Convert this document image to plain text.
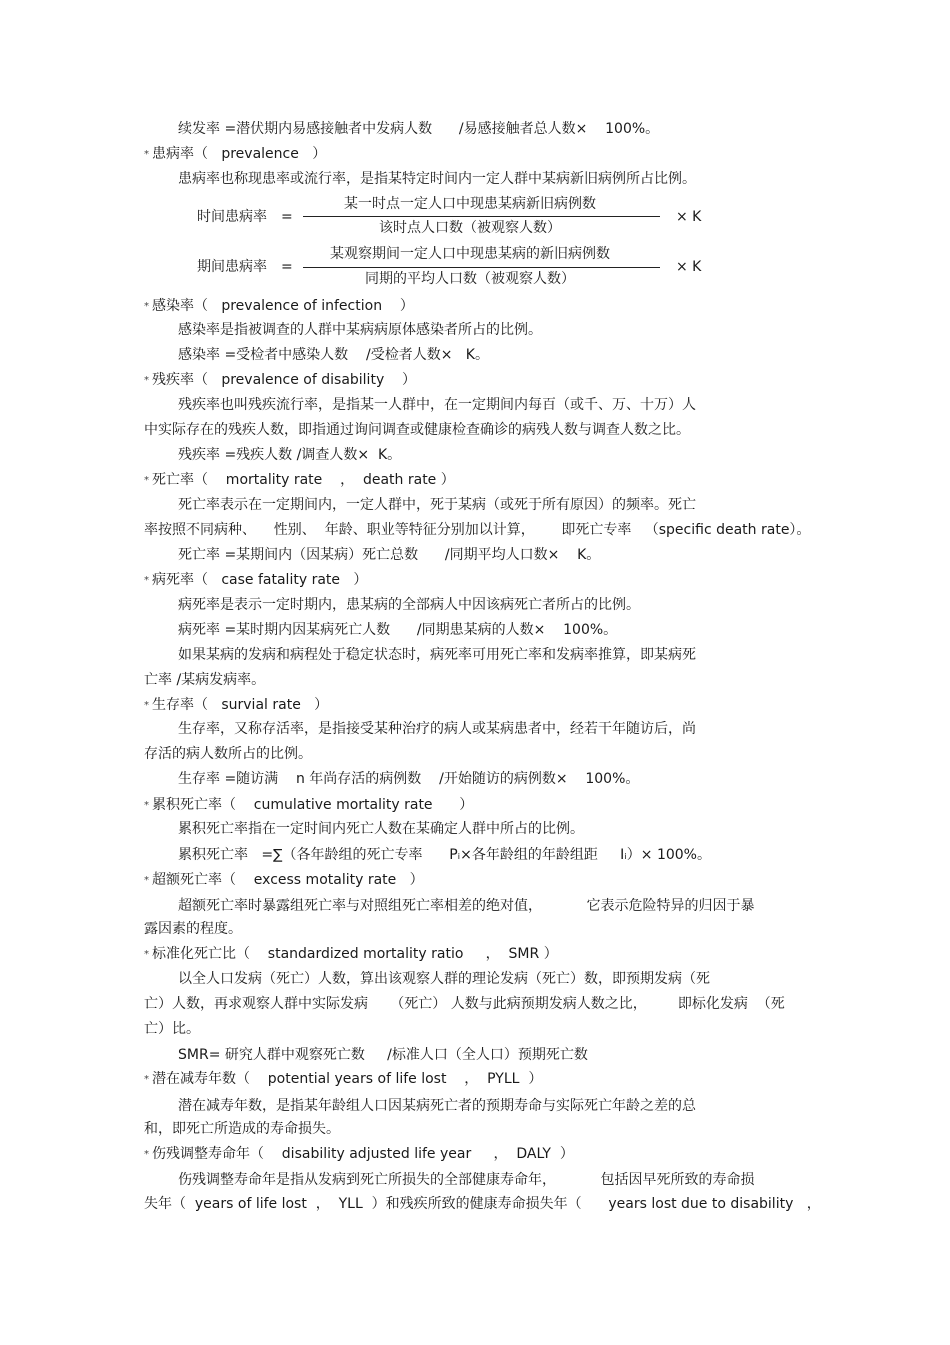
续发率 =潜伏期内易感接触者中发病人数      /易感接触者总人数×    100%。
* 患病率（   prevalence   ）
患病率也称现患率或流行率，是指某特定时间内一定人群中某病新旧病例所占比例。
时间患病率 =
某一时点一定人口中现患某病新旧病例数
该时点人口数（被观察人数）
× K
期间患病率 =
某观察期间一定人口中现患某病的新旧病例数
同期的平均人口数（被观察人数）
× K
* 感染率（   prevalence of infection    ）
感染率是指被调查的人群中某病病原体感染者所占的比例。
感染率 =受检者中感染人数    /受检者人数×   K。
* 残疾率（   prevalence of disability    ）
残疾率也叫残疾流行率，是指某一人群中，在一定期间内每百（或千、万、十万）人
中实际存在的残疾人数，即指通过询问调查或健康检查确诊的病残人数与调查人数之比。
残疾率 =残疾人数 /调查人数×  K。
* 死亡率（    mortality rate    ，  death rate ）
死亡率表示在一定期间内，一定人群中，死于某病（或死于所有原因）的频率。死亡
率按照不同病种、    性别、  年龄、职业等特征分别加以计算，      即死亡专率   （specific death rate）。
死亡率 =某期间内（因某病）死亡总数      /同期平均人口数×    K。
* 病死率（   case fatality rate   ）
病死率是表示一定时期内，患某病的全部病人中因该病死亡者所占的比例。
病死率 =某时期内因某病死亡人数      /同期患某病的人数×    100%。
如果某病的发病和病程处于稳定状态时，病死率可用死亡率和发病率推算，即某病死
亡率 /某病发病率。
* 生存率（   survial rate   ）
生存率，又称存活率，是指接受某种治疗的病人或某病患者中，经若干年随访后，尚
存活的病人数所占的比例。
生存率 =随访满    n 年尚存活的病例数    /开始随访的病例数×    100%。
* 累积死亡率（    cumulative mortality rate      ）
累积死亡率指在一定时间内死亡人数在某确定人群中所占的比例。
累积死亡率   =∑（各年龄组的死亡专率      Pᵢ×各年龄组的年龄组距     Iᵢ）× 100%。
* 超额死亡率（    excess motality rate   ）
超额死亡率时暴露组死亡率与对照组死亡率相差的绝对值，          它表示危险特异的归因于暴
露因素的程度。
* 标准化死亡比（    standardized mortality ratio     ，  SMR ）
以全人口发病（死亡）人数，算出该观察人群的理论发病（死亡）数，即预期发病（死
亡）人数，再求观察人群中实际发病     （死亡） 人数与此病预期发病人数之比，       即标化发病  （死
亡）比。
SMR= 研究人群中观察死亡数     /标准人口（全人口）预期死亡数
* 潜在减寿年数（    potential years of life lost    ，  PYLL  ）
潜在减寿年数，是指某年龄组人口因某病死亡者的预期寿命与实际死亡年龄之差的总
和，即死亡所造成的寿命损失。
* 伤残调整寿命年（    disability adjusted life year     ，  DALY  ）
伤残调整寿命年是指从发病到死亡所损失的全部健康寿命年，          包括因早死所致的寿命损
失年（  years of life lost  ，  YLL  ）和残疾所致的健康寿命损失年（      years lost due to disability   ，
